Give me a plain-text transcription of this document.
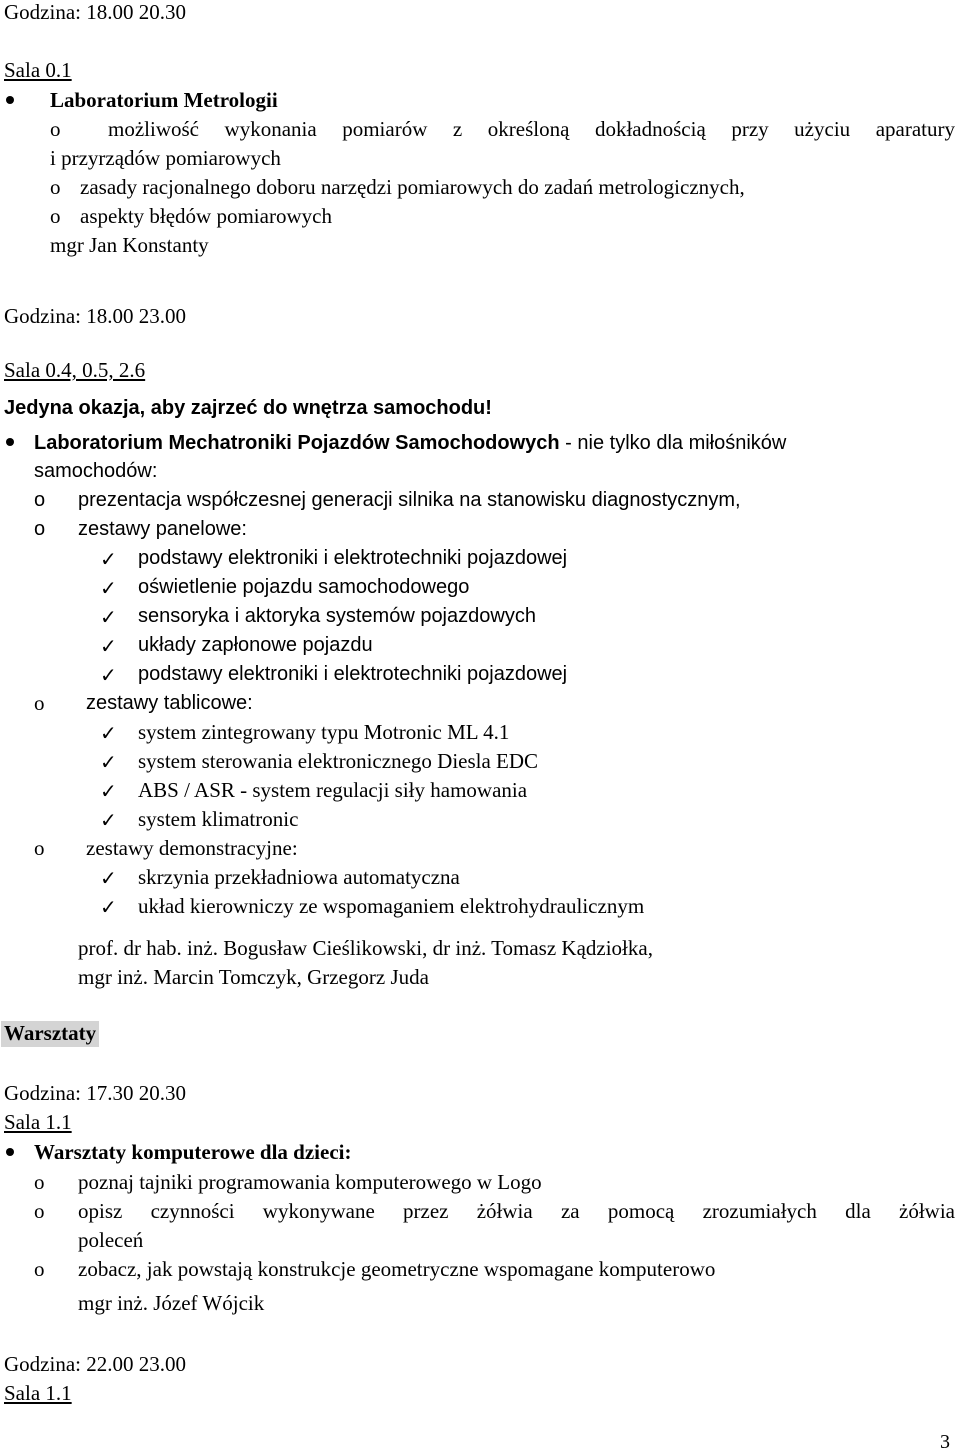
Godzina: 18.00 20.30
Sala 0.1
Laboratorium Metrologii
o możliwość wykonania pomiarów z określoną dokładnością przy użyciu aparatury
i przyrządów pomiarowych
o zasady racjonalnego doboru narzędzi pomiarowych do zadań metrologicznych,
o aspekty błędów pomiarowych
mgr Jan Konstanty
Godzina: 18.00 23.00
Sala 0.4, 0.5, 2.6
Jedyna okazja, aby zajrzeć do wnętrza samochodu!
Laboratorium Mechatroniki Pojazdów Samochodowych - nie tylko dla miłośników
samochodów:
o prezentacja współczesnej generacji silnika na stanowisku diagnostycznym,
o zestawy panelowe:
✓ podstawy elektroniki i elektrotechniki pojazdowej
✓ oświetlenie pojazdu samochodowego
✓ sensoryka i aktoryka systemów pojazdowych
✓ układy zapłonowe pojazdu
✓ podstawy elektroniki i elektrotechniki pojazdowej
o zestawy tablicowe:
✓ system zintegrowany typu Motronic ML 4.1
✓ system sterowania elektronicznego Diesla EDC
✓ ABS / ASR - system regulacji siły hamowania
✓ system klimatronic
o zestawy demonstracyjne:
✓ skrzynia przekładniowa automatyczna
✓ układ kierowniczy ze wspomaganiem elektrohydraulicznym
prof. dr hab. inż. Bogusław Cieślikowski, dr inż. Tomasz Kądziołka,
mgr inż. Marcin Tomczyk, Grzegorz Juda
Warsztaty
Godzina: 17.30 20.30
Sala 1.1
Warsztaty komputerowe dla dzieci:
o poznaj tajniki programowania komputerowego w Logo
o opisz czynności wykonywane przez żółwia za pomocą zrozumiałych dla żółwia
poleceń
o zobacz, jak powstają konstrukcje geometryczne wspomagane komputerowo
mgr inż. Józef Wójcik
Godzina: 22.00 23.00
Sala 1.1
3
